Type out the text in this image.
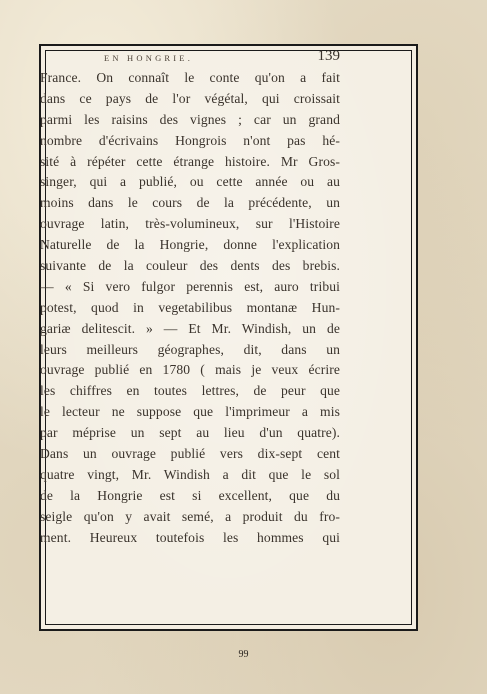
EN HONGRIE.	139
France. On connaît le conte qu'on a fait
dans ce pays de l'or végétal, qui croissait
parmi les raisins des vignes ; car un grand
nombre d'écrivains Hongrois n'ont pas hé-
sité à répéter cette étrange histoire. Mr Gros-
singer, qui a publié, ou cette année ou au
moins dans le cours de la précédente, un
ouvrage latin, très-volumineux, sur l'Histoire
Naturelle de la Hongrie, donne l'explication
suivante de la couleur des dents des brebis.
— « Si vero fulgor perennis est, auro tribui
potest, quod in vegetabilibus montanæ Hun-
gariæ delitescit. » — Et Mr. Windish, un de
leurs meilleurs géographes, dit, dans un
ouvrage publié en 1780 ( mais je veux écrire
les chiffres en toutes lettres, de peur que
le lecteur ne suppose que l'imprimeur a mis
par méprise un sept au lieu d'un quatre).
Dans un ouvrage publié vers dix-sept cent
quatre vingt, Mr. Windish a dit que le sol
de la Hongrie est si excellent, que du
seigle qu'on y avait semé, a produit du fro-
ment. Heureux toutefois les hommes qui
99
